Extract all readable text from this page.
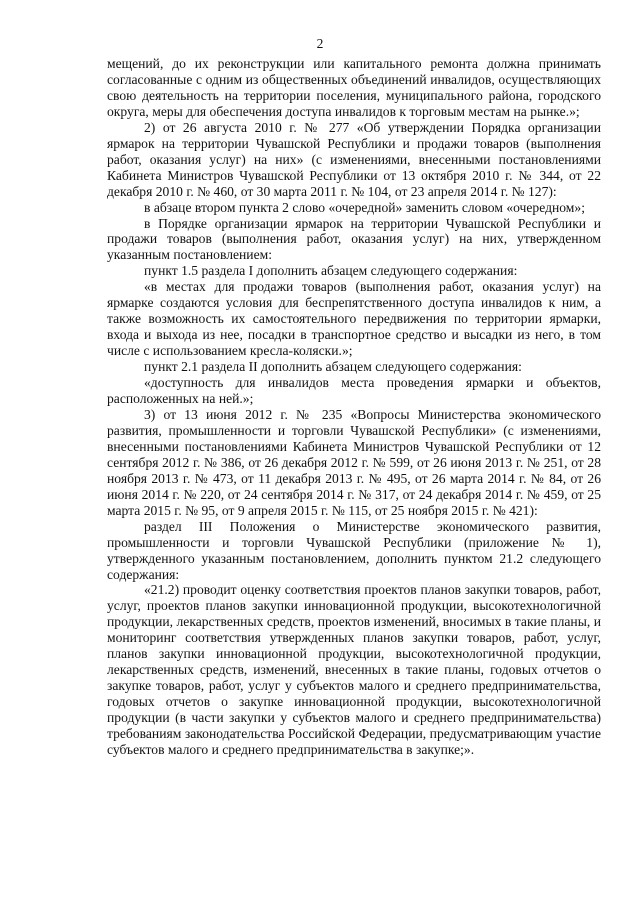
2

мещений, до их реконструкции или капитального ремонта должна принимать согласованные с одним из общественных объединений инвалидов, осуществляющих свою деятельность на территории поселения, муниципального района, городского округа, меры для обеспечения доступа инвалидов к торговым местам на рынке.»;

2) от 26 августа 2010 г. № 277 «Об утверждении Порядка организации ярмарок на территории Чувашской Республики и продажи товаров (выполнения работ, оказания услуг) на них» (с изменениями, внесенными постановлениями Кабинета Министров Чувашской Республики от 13 октября 2010 г. № 344, от 22 декабря 2010 г. № 460, от 30 марта 2011 г. № 104, от 23 апреля 2014 г. № 127):

в абзаце втором пункта 2 слово «очередной» заменить словом «очередном»;

в Порядке организации ярмарок на территории Чувашской Республики и продажи товаров (выполнения работ, оказания услуг) на них, утвержденном указанным постановлением:

пункт 1.5 раздела I дополнить абзацем следующего содержания:

«в местах для продажи товаров (выполнения работ, оказания услуг) на ярмарке создаются условия для беспрепятственного доступа инвалидов к ним, а также возможность их самостоятельного передвижения по территории ярмарки, входа и выхода из нее, посадки в транспортное средство и высадки из него, в том числе с использованием кресла-коляски.»;

пункт 2.1 раздела II дополнить абзацем следующего содержания:

«доступность для инвалидов места проведения ярмарки и объектов, расположенных на ней.»;

3) от 13 июня 2012 г. № 235 «Вопросы Министерства экономического развития, промышленности и торговли Чувашской Республики» (с изменениями, внесенными постановлениями Кабинета Министров Чувашской Республики от 12 сентября 2012 г. № 386, от 26 декабря 2012 г. № 599, от 26 июня 2013 г. № 251, от 28 ноября 2013 г. № 473, от 11 декабря 2013 г. № 495, от 26 марта 2014 г. № 84, от 26 июня 2014 г. № 220, от 24 сентября 2014 г. № 317, от 24 декабря 2014 г. № 459, от 25 марта 2015 г. № 95, от 9 апреля 2015 г. № 115, от 25 ноября 2015 г. № 421):

раздел III Положения о Министерстве экономического развития, промышленности и торговли Чувашской Республики (приложение № 1), утвержденного указанным постановлением, дополнить пунктом 21.2 следующего содержания:

«21.2) проводит оценку соответствия проектов планов закупки товаров, работ, услуг, проектов планов закупки инновационной продукции, высокотехнологичной продукции, лекарственных средств, проектов изменений, вносимых в такие планы, и мониторинг соответствия утвержденных планов закупки товаров, работ, услуг, планов закупки инновационной продукции, высокотехнологичной продукции, лекарственных средств, изменений, внесенных в такие планы, годовых отчетов о закупке товаров, работ, услуг у субъектов малого и среднего предпринимательства, годовых отчетов о закупке инновационной продукции, высокотехнологичной продукции (в части закупки у субъектов малого и среднего предпринимательства) требованиям законодательства Российской Федерации, предусматривающим участие субъектов малого и среднего предпринимательства в закупке;».
